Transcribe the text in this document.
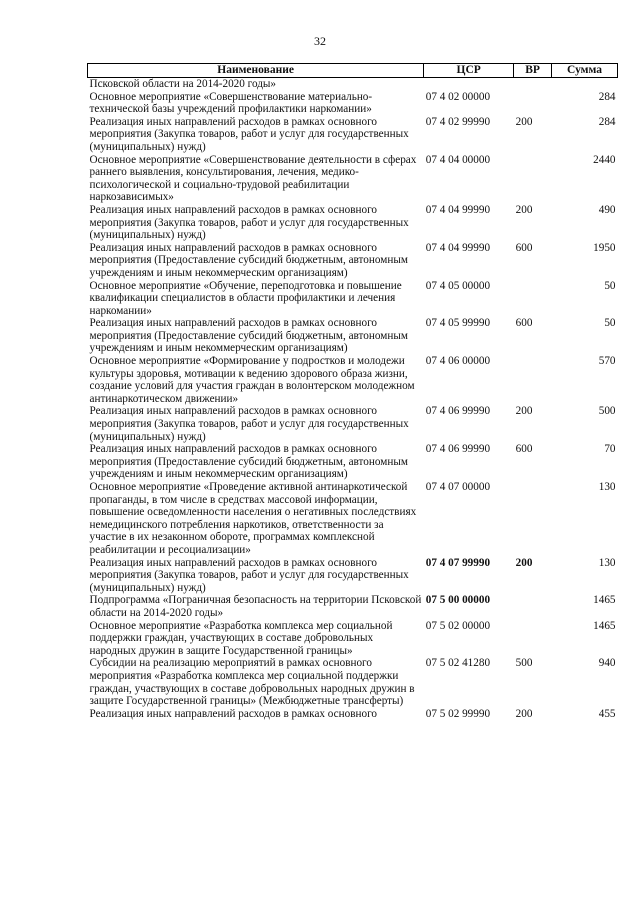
32
Наименование	ЦСР	ВР	Сумма
Псковской области на 2014-2020 годы»			
Основное мероприятие «Совершенствование материально-технической базы учреждений профилактики наркомании»	07 4 02 00000		284
Реализация иных направлений расходов в рамках основного мероприятия (Закупка товаров, работ и услуг для государственных (муниципальных) нужд)	07 4 02 99990	200	284
Основное мероприятие «Совершенствование деятельности в сферах раннего выявления, консультирования, лечения, медико-психологической и социально-трудовой реабилитации наркозависимых»	07 4 04 00000		2440
Реализация иных направлений расходов в рамках основного мероприятия (Закупка товаров, работ и услуг для государственных (муниципальных) нужд)	07 4 04 99990	200	490
Реализация иных направлений расходов в рамках основного мероприятия (Предоставление субсидий бюджетным, автономным учреждениям и иным некоммерческим организациям)	07 4 04 99990	600	1950
Основное мероприятие «Обучение, переподготовка и повышение квалификации специалистов в области профилактики и лечения наркомании»	07 4 05 00000		50
Реализация иных направлений расходов в рамках основного мероприятия (Предоставление субсидий бюджетным, автономным учреждениям и иным некоммерческим организациям)	07 4 05 99990	600	50
Основное мероприятие «Формирование у подростков и молодежи культуры здоровья, мотивации к ведению здорового образа жизни, создание условий для участия граждан в волонтерском молодежном антинаркотическом движении»	07 4 06 00000		570
Реализация иных направлений расходов в рамках основного мероприятия (Закупка товаров, работ и услуг для государственных (муниципальных) нужд)	07 4 06 99990	200	500
Реализация иных направлений расходов в рамках основного мероприятия (Предоставление субсидий бюджетным, автономным учреждениям и иным некоммерческим организациям)	07 4 06 99990	600	70
Основное мероприятие «Проведение активной антинаркотической пропаганды, в том числе в средствах массовой информации, повышение осведомленности населения о негативных последствиях немедицинского потребления наркотиков, ответственности за участие в их незаконном обороте, программах комплексной реабилитации и ресоциализации»	07 4 07 00000		130
Реализация иных направлений расходов в рамках основного мероприятия (Закупка товаров, работ и услуг для государственных (муниципальных) нужд)	07 4 07 99990	200	130
Подпрограмма «Пограничная безопасность на территории Псковской области на 2014-2020 годы»	07 5 00 00000		1465
Основное мероприятие «Разработка комплекса мер социальной поддержки граждан, участвующих в составе добровольных народных дружин в защите Государственной границы»	07 5 02 00000		1465
Субсидии на реализацию мероприятий в рамках основного мероприятия «Разработка комплекса мер социальной поддержки граждан, участвующих в составе добровольных народных дружин в защите Государственной границы» (Межбюджетные трансферты)	07 5 02 41280	500	940
Реализация иных направлений расходов в рамках основного	07 5 02 99990	200	455
